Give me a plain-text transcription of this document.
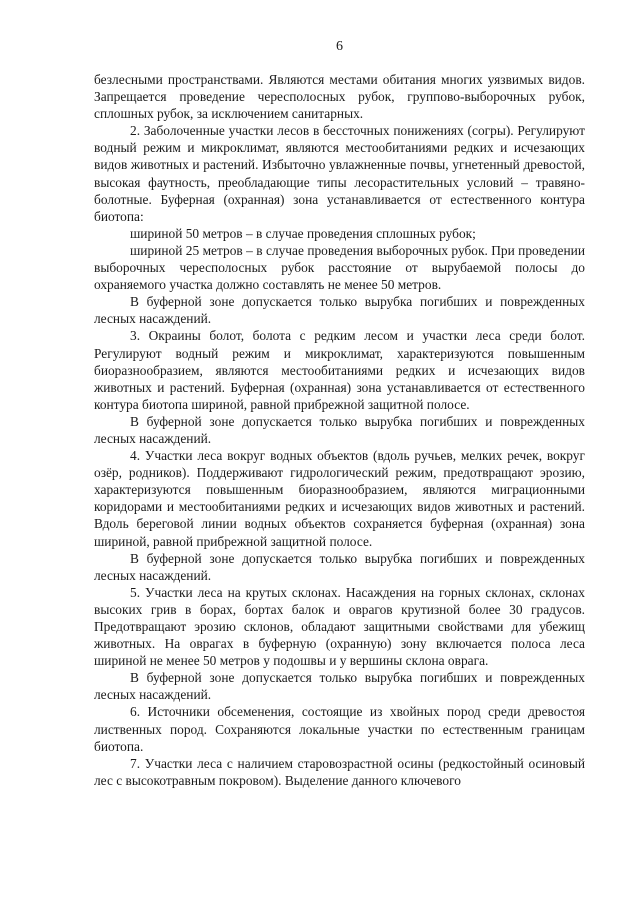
6

безлесными пространствами. Являются местами обитания многих уязвимых видов. Запрещается проведение чересполосных рубок, группово-выборочных рубок, сплошных рубок, за исключением санитарных.

2. Заболоченные участки лесов в бессточных понижениях (согры). Регулируют водный режим и микроклимат, являются местообитаниями редких и исчезающих видов животных и растений. Избыточно увлажненные почвы, угнетенный древостой, высокая фаутность, преобладающие типы лесорастительных условий – травяно-болотные. Буферная (охранная) зона устанавливается от естественного контура биотопа:

шириной 50 метров – в случае проведения сплошных рубок;

шириной 25 метров – в случае проведения выборочных рубок. При проведении выборочных чересполосных рубок расстояние от вырубаемой полосы до охраняемого участка должно составлять не менее 50 метров.

В буферной зоне допускается только вырубка погибших и поврежденных лесных насаждений.

3. Окраины болот, болота с редким лесом и участки леса среди болот. Регулируют водный режим и микроклимат, характеризуются повышенным биоразнообразием, являются местообитаниями редких и исчезающих видов животных и растений. Буферная (охранная) зона устанавливается от естественного контура биотопа шириной, равной прибрежной защитной полосе.

В буферной зоне допускается только вырубка погибших и поврежденных лесных насаждений.

4. Участки леса вокруг водных объектов (вдоль ручьев, мелких речек, вокруг озёр, родников). Поддерживают гидрологический режим, предотвращают эрозию, характеризуются повышенным биоразнообразием, являются миграционными коридорами и местообитаниями редких и исчезающих видов животных и растений. Вдоль береговой линии водных объектов сохраняется буферная (охранная) зона шириной, равной прибрежной защитной полосе.

В буферной зоне допускается только вырубка погибших и поврежденных лесных насаждений.

5. Участки леса на крутых склонах. Насаждения на горных склонах, склонах высоких грив в борах, бортах балок и оврагов крутизной более 30 градусов. Предотвращают эрозию склонов, обладают защитными свойствами для убежищ животных. На оврагах в буферную (охранную) зону включается полоса леса шириной не менее 50 метров у подошвы и у вершины склона оврага.

В буферной зоне допускается только вырубка погибших и поврежденных лесных насаждений.

6. Источники обсеменения, состоящие из хвойных пород среди древостоя лиственных пород. Сохраняются локальные участки по естественным границам биотопа.

7. Участки леса с наличием старовозрастной осины (редкостойный осиновый лес с высокотравным покровом). Выделение данного ключевого
